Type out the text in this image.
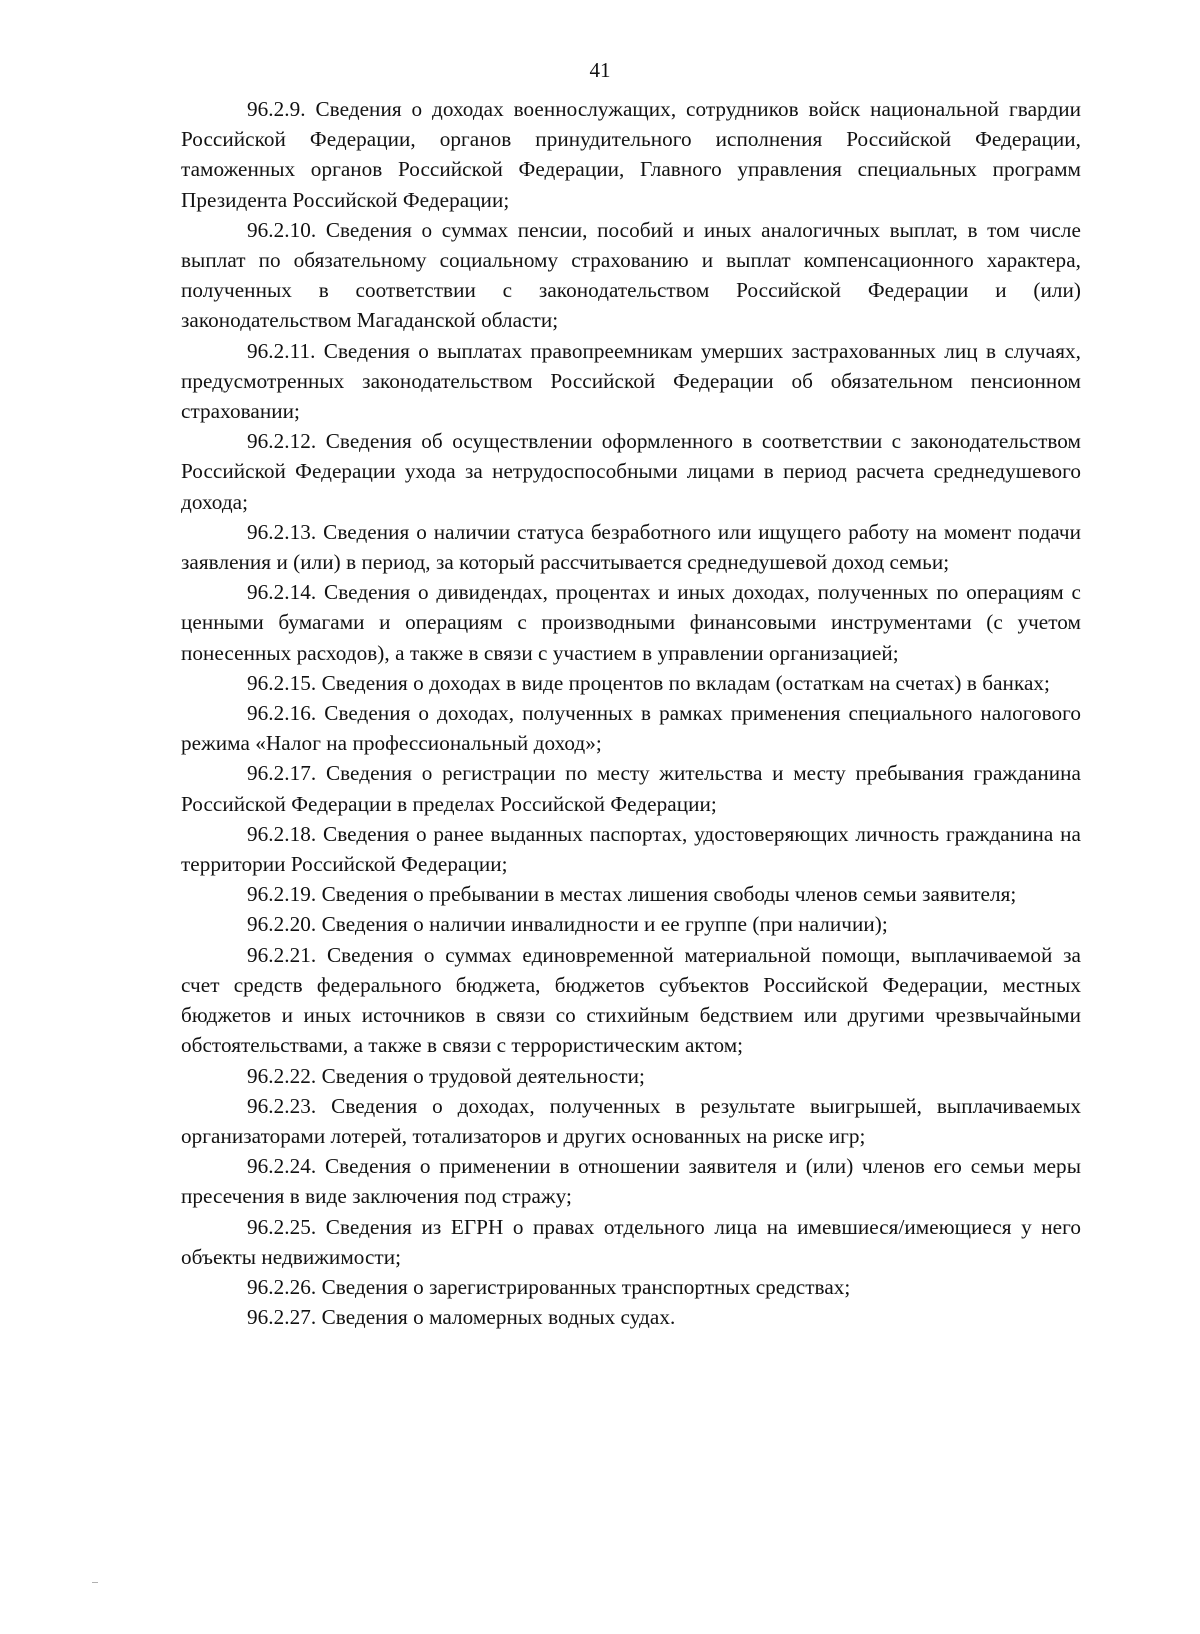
41

96.2.9. Сведения о доходах военнослужащих, сотрудников войск национальной гвардии Российской Федерации, органов принудительного исполнения Российской Федерации, таможенных органов Российской Федерации, Главного управления специальных программ Президента Российской Федерации;

96.2.10. Сведения о суммах пенсии, пособий и иных аналогичных выплат, в том числе выплат по обязательному социальному страхованию и выплат компенсационного характера, полученных в соответствии с законодательством Российской Федерации и (или) законодательством Магаданской области;

96.2.11. Сведения о выплатах правопреемникам умерших застрахованных лиц в случаях, предусмотренных законодательством Российской Федерации об обязательном пенсионном страховании;

96.2.12. Сведения об осуществлении оформленного в соответствии с законодательством Российской Федерации ухода за нетрудоспособными лицами в период расчета среднедушевого дохода;

96.2.13. Сведения о наличии статуса безработного или ищущего работу на момент подачи заявления и (или) в период, за который рассчитывается среднедушевой доход семьи;

96.2.14. Сведения о дивидендах, процентах и иных доходах, полученных по операциям с ценными бумагами и операциям с производными финансовыми инструментами (с учетом понесенных расходов), а также в связи с участием в управлении организацией;

96.2.15. Сведения о доходах в виде процентов по вкладам (остаткам на счетах) в банках;

96.2.16. Сведения о доходах, полученных в рамках применения специального налогового режима «Налог на профессиональный доход»;

96.2.17. Сведения о регистрации по месту жительства и месту пребывания гражданина Российской Федерации в пределах Российской Федерации;

96.2.18. Сведения о ранее выданных паспортах, удостоверяющих личность гражданина на территории Российской Федерации;

96.2.19. Сведения о пребывании в местах лишения свободы членов семьи заявителя;

96.2.20. Сведения о наличии инвалидности и ее группе (при наличии);

96.2.21. Сведения о суммах единовременной материальной помощи, выплачиваемой за счет средств федерального бюджета, бюджетов субъектов Российской Федерации, местных бюджетов и иных источников в связи со стихийным бедствием или другими чрезвычайными обстоятельствами, а также в связи с террористическим актом;

96.2.22. Сведения о трудовой деятельности;

96.2.23. Сведения о доходах, полученных в результате выигрышей, выплачиваемых организаторами лотерей, тотализаторов и других основанных на риске игр;

96.2.24. Сведения о применении в отношении заявителя и (или) членов его семьи меры пресечения в виде заключения под стражу;

96.2.25. Сведения из ЕГРН о правах отдельного лица на имевшиеся/имеющиеся у него объекты недвижимости;

96.2.26. Сведения о зарегистрированных транспортных средствах;

96.2.27. Сведения о маломерных водных судах.
